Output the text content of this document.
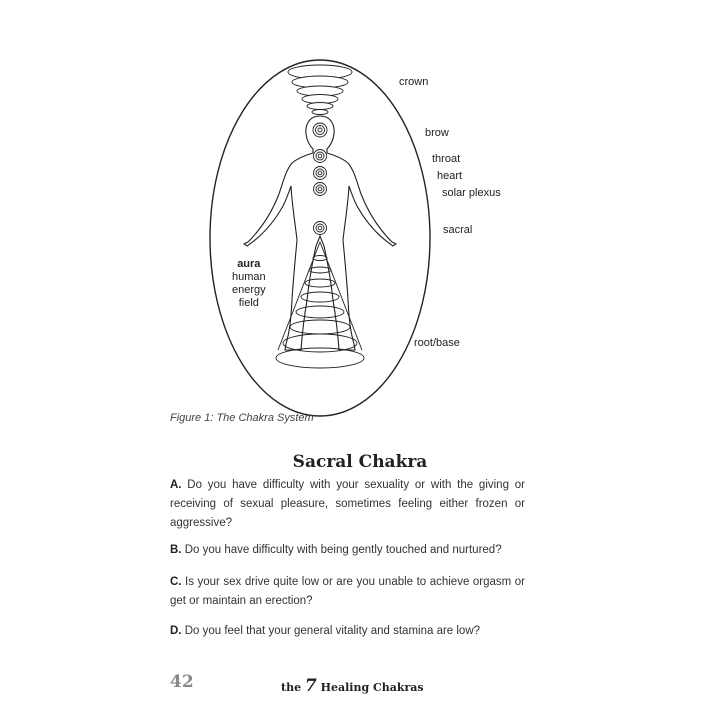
crown
brow
throat
heart
solar plexus
sacral
root/base
aura
human
energy
field
Figure 1: The Chakra System
Sacral Chakra
A. Do you have difficulty with your sexuality or with the giving or receiving of sexual pleasure, sometimes feeling either frozen or aggressive?
B. Do you have difficulty with being gently touched and nurtured?
C. Is your sex drive quite low or are you unable to achieve orgasm or get or maintain an erection?
D. Do you feel that your general vitality and stamina are low?
42	the 7 Healing Chakras
